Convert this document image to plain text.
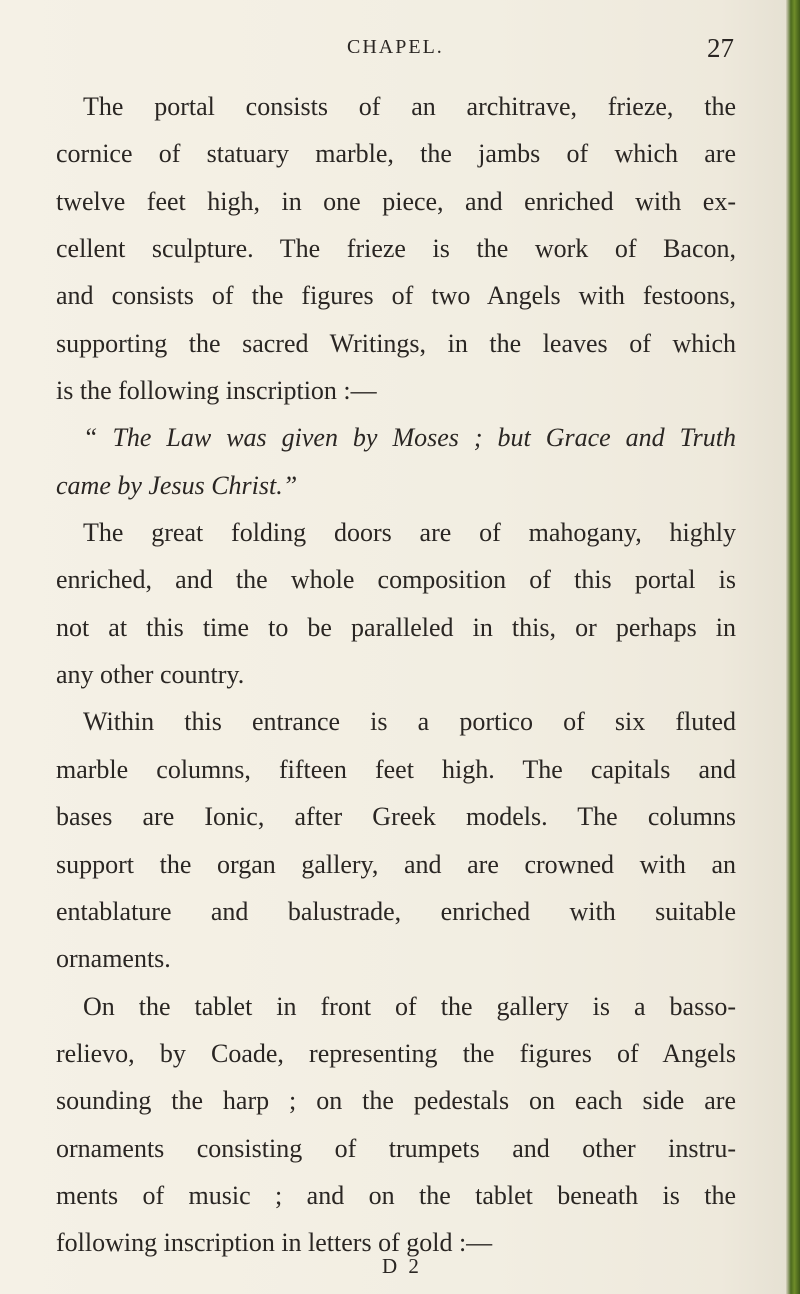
CHAPEL.	27
The portal consists of an architrave, frieze, the
cornice of statuary marble, the jambs of which are
twelve feet high, in one piece, and enriched with ex-
cellent sculpture. The frieze is the work of Bacon,
and consists of the figures of two Angels with festoons,
supporting the sacred Writings, in the leaves of which
is the following inscription :—
“ The Law was given by Moses ; but Grace and Truth
came by Jesus Christ.”
The great folding doors are of mahogany, highly
enriched, and the whole composition of this portal is
not at this time to be paralleled in this, or perhaps in
any other country.
Within this entrance is a portico of six fluted
marble columns, fifteen feet high. The capitals and
bases are Ionic, after Greek models. The columns
support the organ gallery, and are crowned with an
entablature and balustrade, enriched with suitable
ornaments.
On the tablet in front of the gallery is a basso-
relievo, by Coade, representing the figures of Angels
sounding the harp ; on the pedestals on each side are
ornaments consisting of trumpets and other instru-
ments of music ; and on the tablet beneath is the
following inscription in letters of gold :—
D 2
